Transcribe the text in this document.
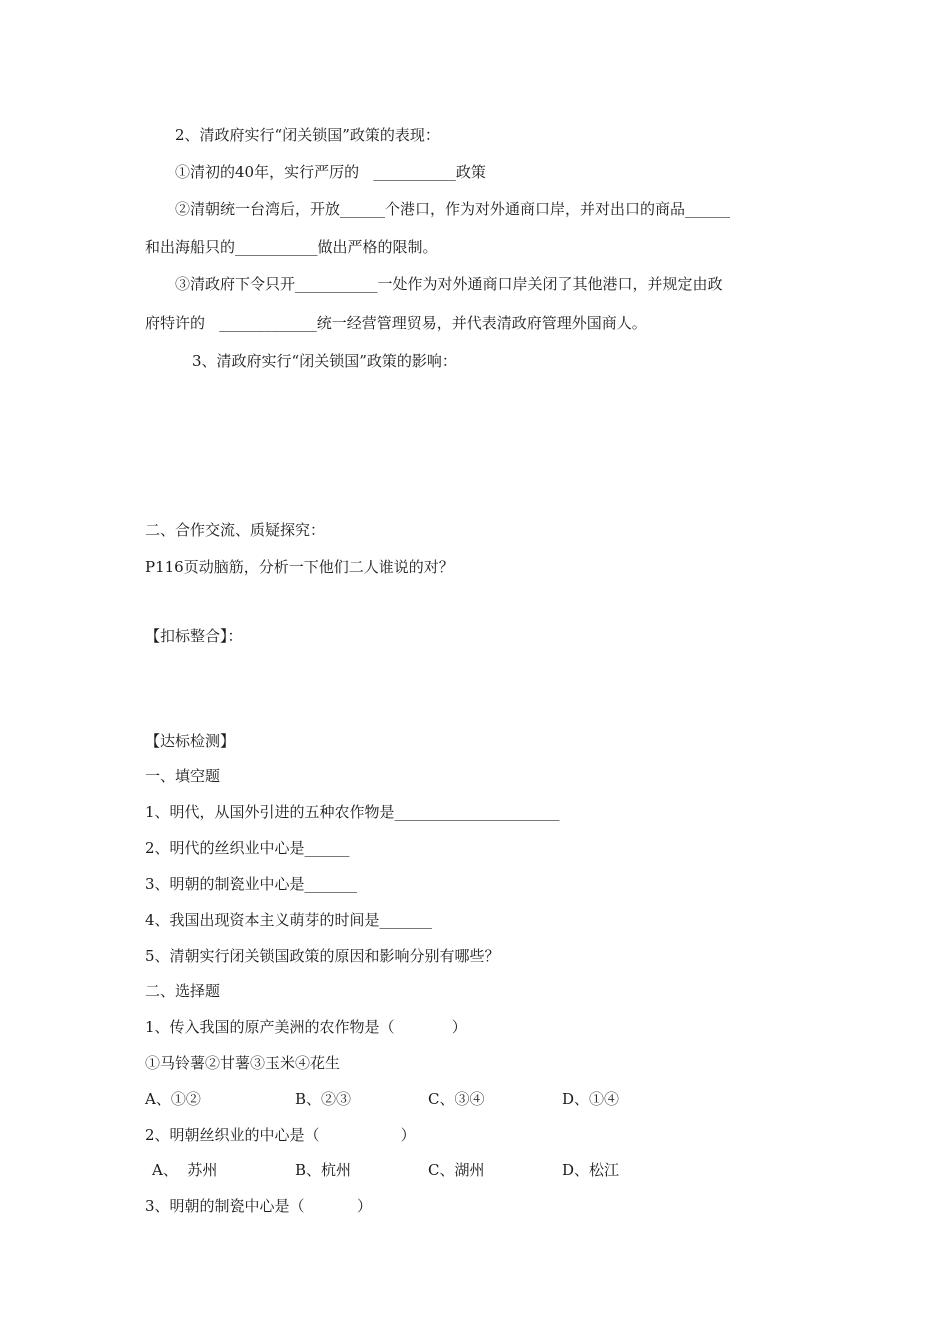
2、清政府实行“闭关锁国”政策的表现：
①清初的40年，实行严厉的   ___________政策
②清朝统一台湾后，开放______个港口，作为对外通商口岸，并对出口的商品______
和出海船只的___________做出严格的限制。
③清政府下令只开___________一处作为对外通商口岸关闭了其他港口，并规定由政
府特许的   _____________统一经营管理贸易，并代表清政府管理外国商人。
3、清政府实行“闭关锁国”政策的影响：
二、合作交流、质疑探究：
P116页动脑筋，分析一下他们二人谁说的对？
【扣标整合】：
【达标检测】
一、填空题
1、明代，从国外引进的五种农作物是______________________
2、明代的丝织业中心是______
3、明朝的制瓷业中心是_______
4、我国出现资本主义萌芽的时间是_______
5、清朝实行闭关锁国政策的原因和影响分别有哪些？
二、选择题
1、传入我国的原产美洲的农作物是（            ）
①马铃薯②甘薯③玉米④花生
A、①②	B、②③	C、③④	D、①④
2、明朝丝织业的中心是（                 ）
A、  苏州	B、杭州	C、湖州	D、松江
3、明朝的制瓷中心是（           ）
